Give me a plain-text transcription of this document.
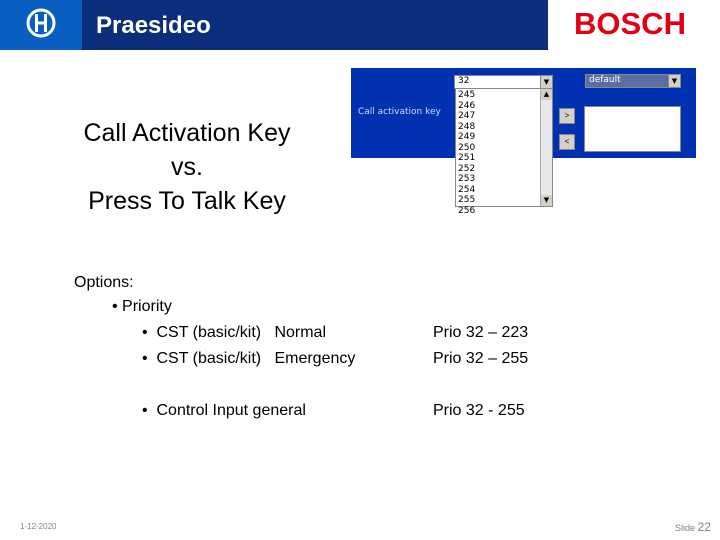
Praesideo	BOSCH
Call Activation Key
vs.
Press To Talk Key
Call activation key
default	▼
>
<
32	▼
245
246
247
248
249
250
251
252
253
254
255
256
▲
▼
Options:
• Priority
•  CST (basic/kit)   Normal	Prio 32 – 223
•  CST (basic/kit)   Emergency	Prio 32 – 255
•  Control Input general	Prio 32 - 255
1-12-2020	Slide 22
